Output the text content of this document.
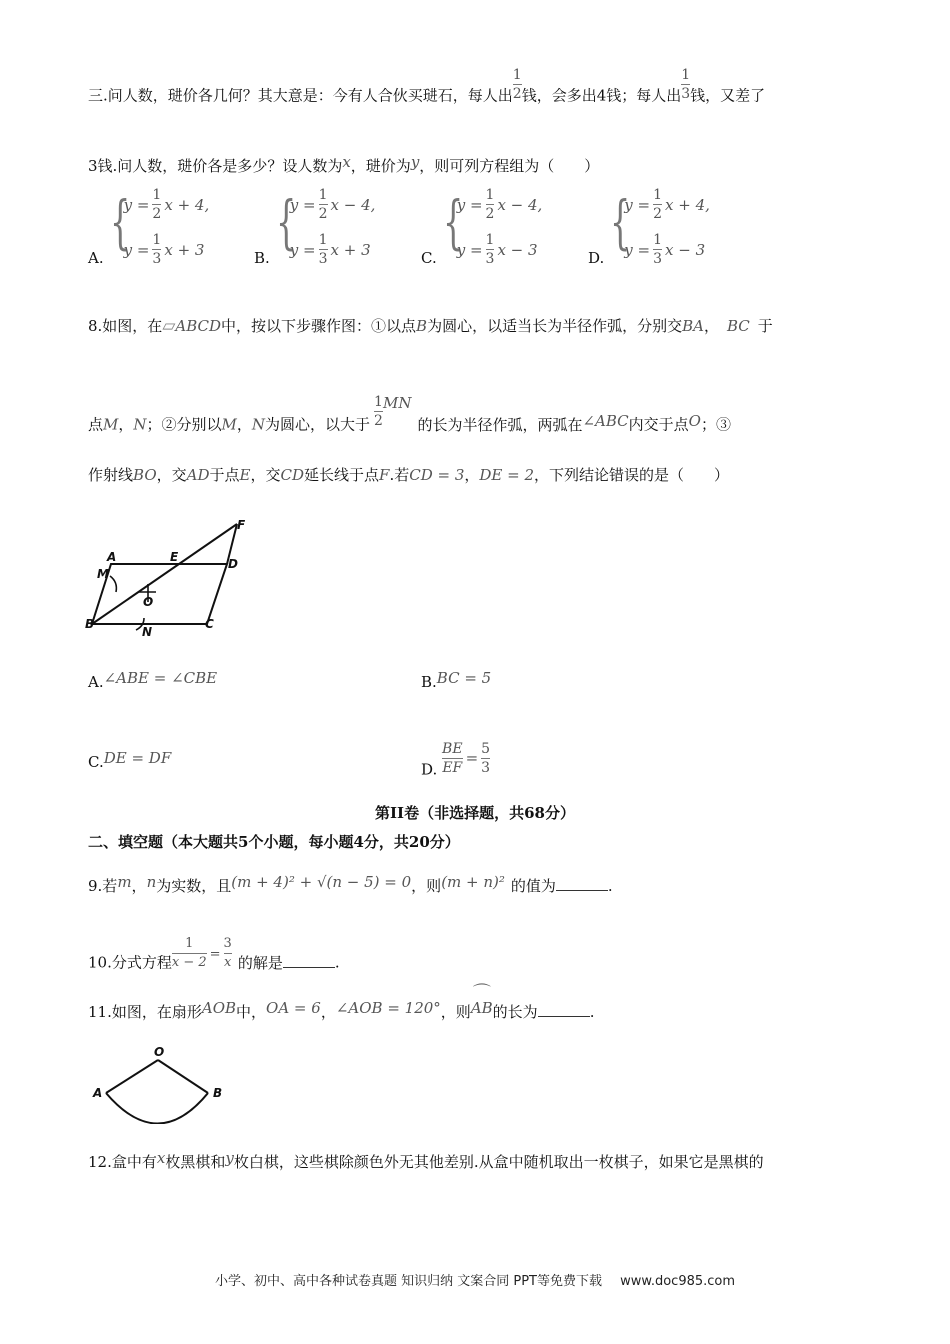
三.问人数，琎价各几何？其大意是：今有人合伙买琎石，每人出 $\frac{1}{2}$ 钱，会多出4钱；每人出 $\frac{1}{3}$ 钱，又差了
3钱.问人数，琎价各是多少？设人数为x，琎价为y，则可列方程组为（　　）
A.
{
$y = \frac{1}{2}$ x + 4,
$y = \frac{1}{3}$ x + 3	B.
{
$y = \frac{1}{2}$ x − 4,
$y = \frac{1}{3}$ x + 3	C.
{
$y = \frac{1}{2}$ x − 4,
$y = \frac{1}{3}$ x − 3	D.
{
$y = \frac{1}{2}$ x + 4,
$y = \frac{1}{3}$ x − 3
8.如图，在▱ABCD中，按以下步骤作图：①以点B为圆心，以适当长为半径作弧，分别交BA， BC 于
点M，N；②分别以M，N为圆心，以大于 $\frac{1}{2}$ MN的长为半径作弧，两弧在∠ABC内交于点O；③
作射线BO，交AD于点E，交CD延长线于点F.若CD = 3，DE = 2，下列结论错误的是（　　）
A	E	D
F
M
O
B
N
C
A.∠ABE = ∠CBE	B.BC = 5
C.DE = DF
D. $\frac{BE}{EF} = \frac{5}{3}$
第II卷（非选择题，共68分）
二、填空题（本大题共5个小题，每小题4分，共20分）
9.若m，n为实数，且(m + 4)² + √(n − 5) = 0，则(m + n)² 的值为	.
10.分式方程 $\frac{1}{x - 2} = \frac{3}{x}$ 的解是	.
11.如图，在扇形AOB中，OA = 6，∠AOB = 120°，则
⌒
AB的长为	.
O
A	B
12.盒中有x枚黑棋和y枚白棋，这些棋除颜色外无其他差别.从盒中随机取出一枚棋子，如果它是黑棋的
小学、初中、高中各种试卷真题 知识归纳 文案合同 PPT等免费下载 www.doc985.com
